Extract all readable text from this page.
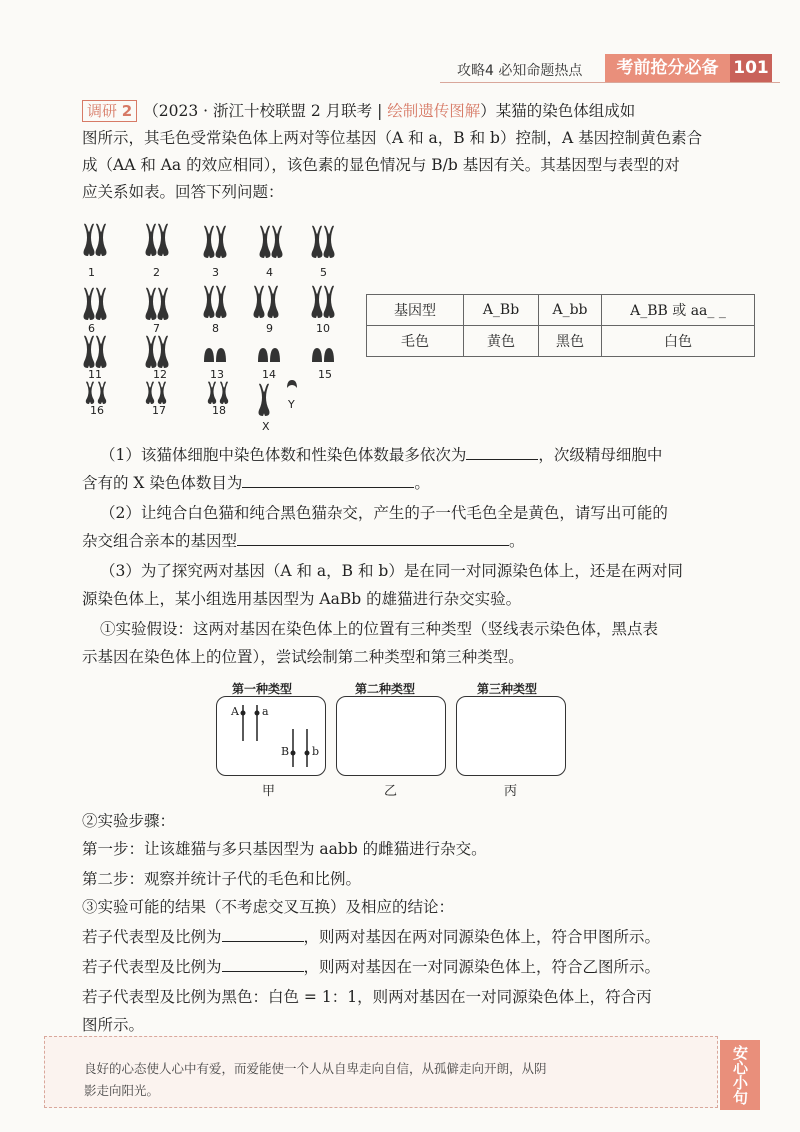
攻略4 必知命题热点	考前抢分必备 101
调研 2 （2023 · 浙江十校联盟 2 月联考 | 绘制遗传图解）某猫的染色体组成如
图所示，其毛色受常染色体上两对等位基因（A 和 a，B 和 b）控制，A 基因控制黄色素合
成（AA 和 Aa 的效应相同），该色素的显色情况与 B/b 基因有关。其基因型与表型的对
应关系如表。回答下列问题：
1	2	3	4	5
6	7	8	9	10
11	12	13	14	15
16	17	18
X
Y
基因型	A_Bb	A_bb	A_BB 或 aa_ _
毛色	黄色	黑色	白色
（1）该猫体细胞中染色体数和性染色体数最多依次为	，次级精母细胞中
含有的 X 染色体数目为	。
（2）让纯合白色猫和纯合黑色猫杂交，产生的子一代毛色全是黄色，请写出可能的
杂交组合亲本的基因型	。
（3）为了探究两对基因（A 和 a，B 和 b）是在同一对同源染色体上，还是在两对同
源染色体上，某小组选用基因型为 AaBb 的雄猫进行杂交实验。
①实验假设：这两对基因在染色体上的位置有三种类型（竖线表示染色体，黑点表
示基因在染色体上的位置），尝试绘制第二种类型和第三种类型。
第一种类型	第二种类型	第三种类型
A a
B b
甲	乙	丙
②实验步骤：
第一步：让该雄猫与多只基因型为 aabb 的雌猫进行杂交。
第二步：观察并统计子代的毛色和比例。
③实验可能的结果（不考虑交叉互换）及相应的结论：
若子代表型及比例为	，则两对基因在两对同源染色体上，符合甲图所示。
若子代表型及比例为	，则两对基因在一对同源染色体上，符合乙图所示。
若子代表型及比例为黑色：白色 = 1：1，则两对基因在一对同源染色体上，符合丙
图所示。
良好的心态使人心中有爱，而爱能使一个人从自卑走向自信，从孤僻走向开朗，从阴
影走向阳光。	安心小句
